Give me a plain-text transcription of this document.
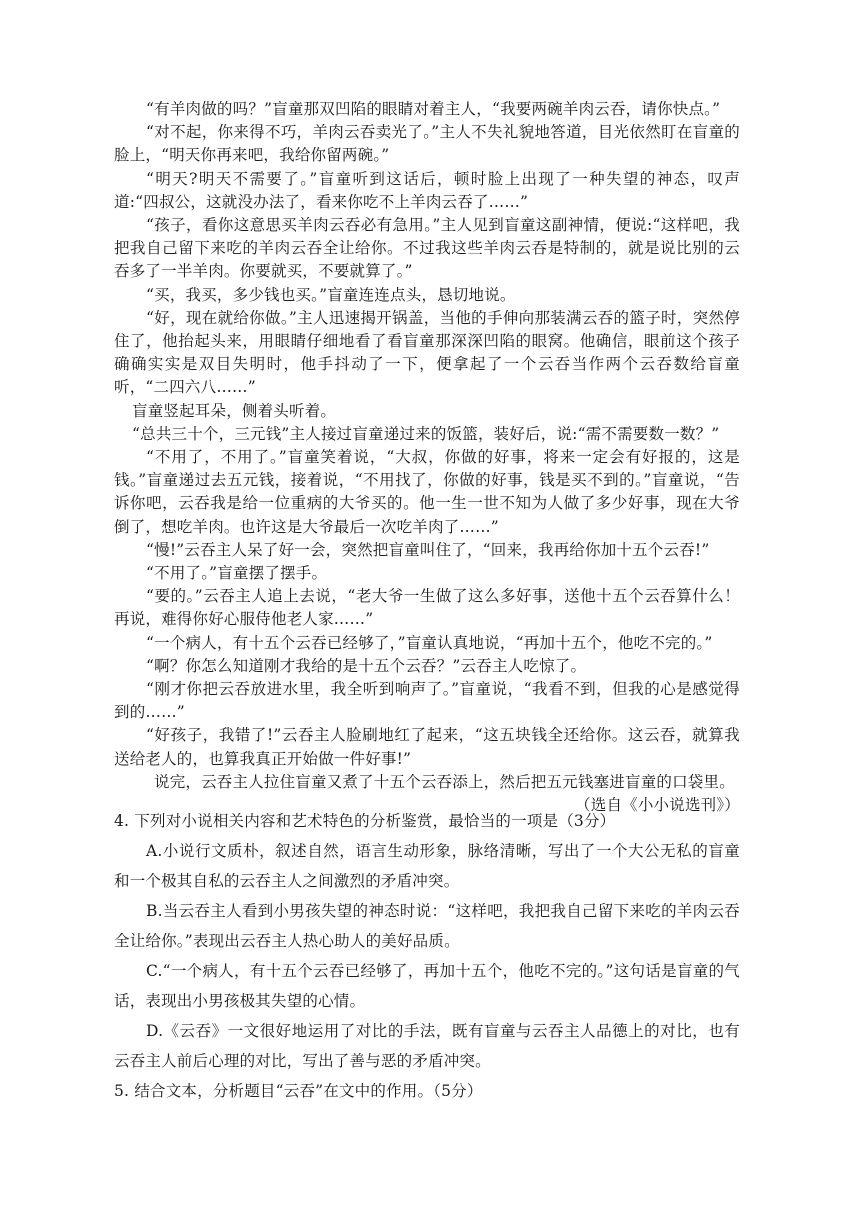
“有羊肉做的吗？”盲童那双凹陷的眼睛对着主人，“我要两碗羊肉云吞，请你快点。”

“对不起，你来得不巧，羊肉云吞卖光了。”主人不失礼貌地答道，目光依然盯在盲童的脸上，“明天你再来吧，我给你留两碗。”

“明天?明天不需要了。”盲童听到这话后，顿时脸上出现了一种失望的神态，叹声道:“四叔公，这就没办法了，看来你吃不上羊肉云吞了……”

“孩子，看你这意思买羊肉云吞必有急用。”主人见到盲童这副神情，便说:“这样吧，我把我自己留下来吃的羊肉云吞全让给你。不过我这些羊肉云吞是特制的，就是说比别的云吞多了一半羊肉。你要就买，不要就算了。”

“买，我买，多少钱也买。”盲童连连点头，恳切地说。

“好，现在就给你做。”主人迅速揭开锅盖，当他的手伸向那装满云吞的篮子时，突然停住了，他抬起头来，用眼睛仔细地看了看盲童那深深凹陷的眼窝。他确信，眼前这个孩子确确实实是双目失明时，他手抖动了一下，便拿起了一个云吞当作两个云吞数给盲童听，“二四六八……”

盲童竖起耳朵，侧着头听着。

“总共三十个，三元钱”主人接过盲童递过来的饭篮，装好后，说:“需不需要数一数？”

“不用了，不用了。”盲童笑着说，“大叔，你做的好事，将来一定会有好报的，这是钱。”盲童递过去五元钱，接着说，“不用找了，你做的好事，钱是买不到的。”盲童说，“告诉你吧，云吞我是给一位重病的大爷买的。他一生一世不知为人做了多少好事，现在大爷倒了，想吃羊肉。也许这是大爷最后一次吃羊肉了……”

“慢!”云吞主人呆了好一会，突然把盲童叫住了，“回来，我再给你加十五个云吞!”

“不用了。”盲童摆了摆手。

“要的。”云吞主人追上去说，“老大爷一生做了这么多好事，送他十五个云吞算什么！再说，难得你好心服侍他老人家……”

“一个病人，有十五个云吞已经够了，”盲童认真地说，“再加十五个，他吃不完的。”

“啊？你怎么知道刚才我给的是十五个云吞？”云吞主人吃惊了。

“刚才你把云吞放进水里，我全听到响声了。”盲童说，“我看不到，但我的心是感觉得到的……”

“好孩子，我错了!”云吞主人脸刷地红了起来，“这五块钱全还给你。这云吞，就算我送给老人的，也算我真正开始做一件好事!”

说完，云吞主人拉住盲童又煮了十五个云吞添上，然后把五元钱塞进盲童的口袋里。

（选自《小小说选刊》）

4. 下列对小说相关内容和艺术特色的分析鉴赏，最恰当的一项是（3分）

A.小说行文质朴，叙述自然，语言生动形象，脉络清晰，写出了一个大公无私的盲童和一个极其自私的云吞主人之间激烈的矛盾冲突。

B.当云吞主人看到小男孩失望的神态时说：“这样吧，我把我自己留下来吃的羊肉云吞全让给你。”表现出云吞主人热心助人的美好品质。

C.“一个病人，有十五个云吞已经够了，再加十五个，他吃不完的。”这句话是盲童的气话，表现出小男孩极其失望的心情。

D.《云吞》一文很好地运用了对比的手法，既有盲童与云吞主人品德上的对比，也有云吞主人前后心理的对比，写出了善与恶的矛盾冲突。

5. 结合文本，分析题目“云吞”在文中的作用。（5分）
